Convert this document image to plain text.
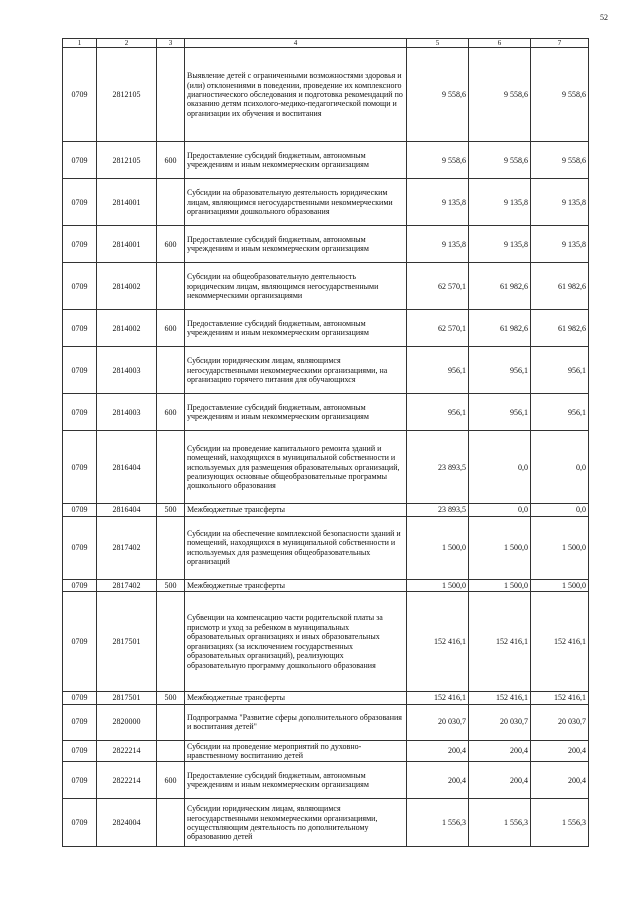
52
1	2	3	4	5	6	7
0709	2812105		Выявление детей с ограниченными возможностями здоровья и (или) отклонениями в поведении, проведение их комплексного диагностического обследования и подготовка рекомендаций по оказанию детям психолого-медико-педагогической помощи и организации их обучения и воспитания	9 558,6	9 558,6	9 558,6
0709	2812105	600	Предоставление субсидий бюджетным, автономным учреждениям и иным некоммерческим организациям	9 558,6	9 558,6	9 558,6
0709	2814001		Субсидии на образовательную деятельность юридическим лицам, являющимся негосударственными некоммерческими организациями дошкольного образования	9 135,8	9 135,8	9 135,8
0709	2814001	600	Предоставление субсидий бюджетным, автономным учреждениям и иным некоммерческим организациям	9 135,8	9 135,8	9 135,8
0709	2814002		Субсидии на общеобразовательную деятельность юридическим лицам, являющимся негосударственными некоммерческими организациями	62 570,1	61 982,6	61 982,6
0709	2814002	600	Предоставление субсидий бюджетным, автономным учреждениям и иным некоммерческим организациям	62 570,1	61 982,6	61 982,6
0709	2814003		Субсидии юридическим лицам, являющимся негосударственными некоммерческими организациями, на организацию горячего питания для обучающихся	956,1	956,1	956,1
0709	2814003	600	Предоставление субсидий бюджетным, автономным учреждениям и иным некоммерческим организациям	956,1	956,1	956,1
0709	2816404		Субсидии на проведение капитального ремонта зданий и помещений, находящихся в муниципальной собственности и используемых для размещения образовательных организаций, реализующих основные общеобразовательные программы дошкольного образования	23 893,5	0,0	0,0
0709	2816404	500	Межбюджетные трансферты	23 893,5	0,0	0,0
0709	2817402		Субсидии на обеспечение комплексной безопасности зданий и помещений, находящихся в муниципальной собственности и используемых для размещения общеобразовательных организаций	1 500,0	1 500,0	1 500,0
0709	2817402	500	Межбюджетные трансферты	1 500,0	1 500,0	1 500,0
0709	2817501		Субвенции на компенсацию части родительской платы за присмотр и уход за ребенком в муниципальных образовательных организациях и иных образовательных организациях (за исключением государственных образовательных организаций), реализующих образовательную программу дошкольного образования	152 416,1	152 416,1	152 416,1
0709	2817501	500	Межбюджетные трансферты	152 416,1	152 416,1	152 416,1
0709	2820000		Подпрограмма "Развитие сферы дополнительного образования и воспитания детей"	20 030,7	20 030,7	20 030,7
0709	2822214		Субсидии на проведение мероприятий по духовно-нравственному воспитанию детей	200,4	200,4	200,4
0709	2822214	600	Предоставление субсидий бюджетным, автономным учреждениям и иным некоммерческим организациям	200,4	200,4	200,4
0709	2824004		Субсидии юридическим лицам, являющимся негосударственными некоммерческими организациями, осуществляющим деятельность по дополнительному образованию детей	1 556,3	1 556,3	1 556,3
